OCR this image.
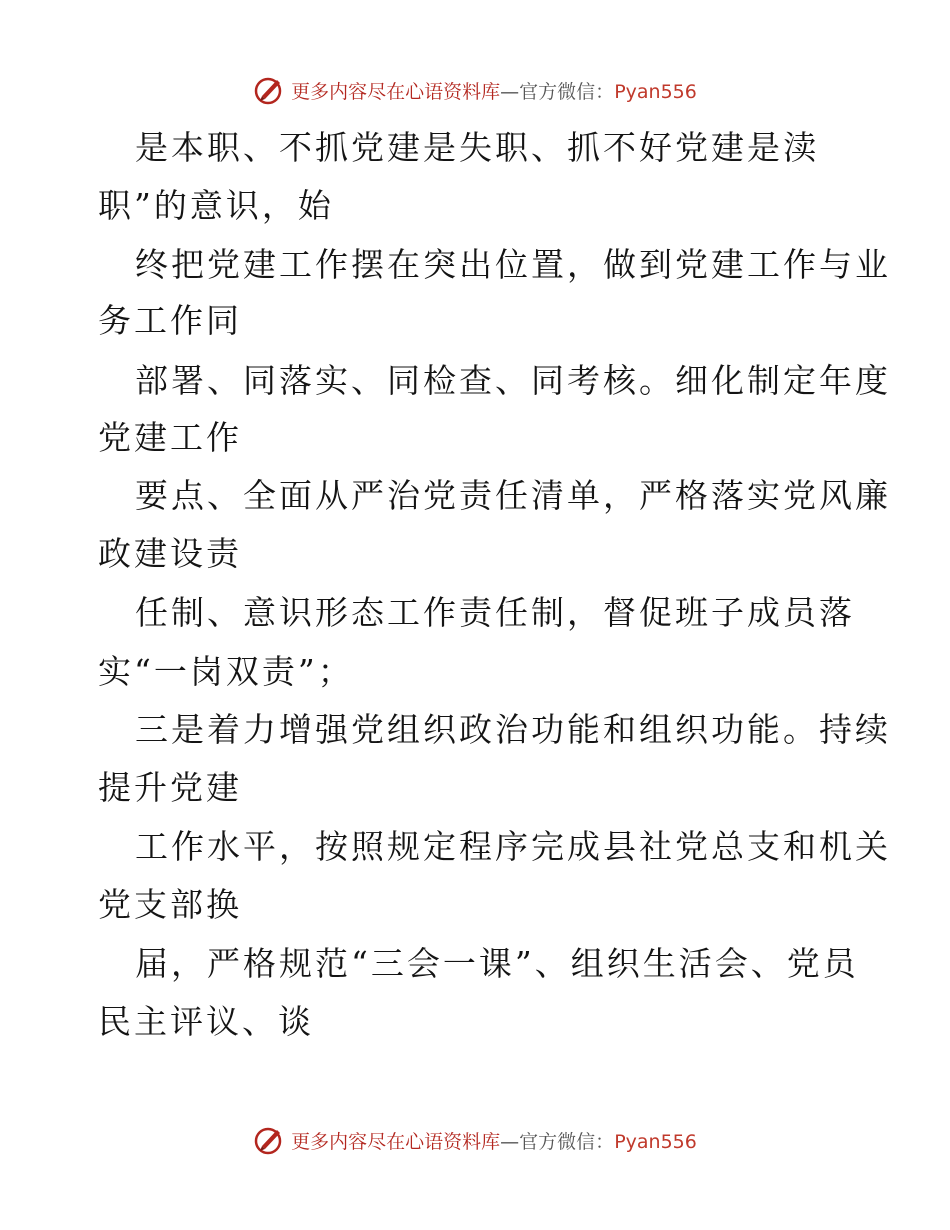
更多内容尽在心语资料库—官方微信：Pyan556
是本职、不抓党建是失职、抓不好党建是渎
职”的意识，始
终把党建工作摆在突出位置，做到党建工作与业
务工作同
部署、同落实、同检查、同考核。细化制定年度
党建工作
要点、全面从严治党责任清单，严格落实党风廉
政建设责
任制、意识形态工作责任制，督促班子成员落
实“一岗双责”；
三是着力增强党组织政治功能和组织功能。持续
提升党建
工作水平，按照规定程序完成县社党总支和机关
党支部换
届，严格规范“三会一课”、组织生活会、党员
民主评议、谈
更多内容尽在心语资料库—官方微信：Pyan556
